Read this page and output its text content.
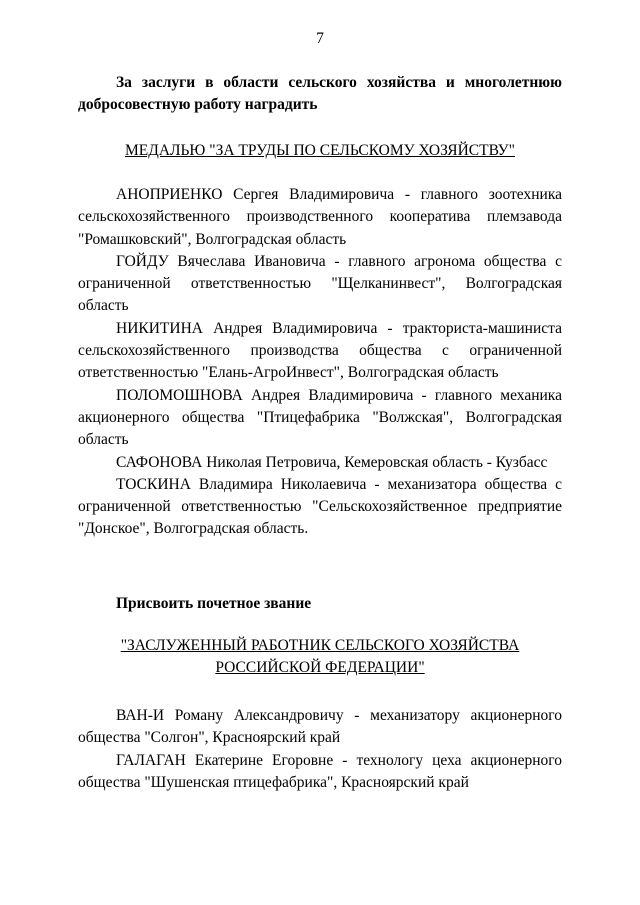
7
За заслуги в области сельского хозяйства и многолетнюю добросовестную работу наградить
МЕДАЛЬЮ "ЗА ТРУДЫ ПО СЕЛЬСКОМУ ХОЗЯЙСТВУ"

АНОПРИЕНКО Сергея Владимировича - главного зоотехника сельскохозяйственного производственного кооператива племзавода "Ромашковский", Волгоградская область

ГОЙДУ Вячеслава Ивановича - главного агронома общества с ограниченной ответственностью "Щелканинвест", Волгоградская область

НИКИТИНА Андрея Владимировича - тракториста-машиниста сельскохозяйственного производства общества с ограниченной ответственностью "Елань-АгроИнвест", Волгоградская область

ПОЛОМОШНОВА Андрея Владимировича - главного механика акционерного общества "Птицефабрика "Волжская", Волгоградская область

САФОНОВА Николая Петровича, Кемеровская область - Кузбасс

ТОСКИНА Владимира Николаевича - механизатора общества с ограниченной ответственностью "Сельскохозяйственное предприятие "Донское", Волгоградская область.

Присвоить почетное звание
"ЗАСЛУЖЕННЫЙ РАБОТНИК СЕЛЬСКОГО ХОЗЯЙСТВА
РОССИЙСКОЙ ФЕДЕРАЦИИ"

ВАН-И Роману Александровичу - механизатору акционерного общества "Солгон", Красноярский край

ГАЛАГАН Екатерине Егоровне - технологу цеха акционерного общества "Шушенская птицефабрика", Красноярский край
